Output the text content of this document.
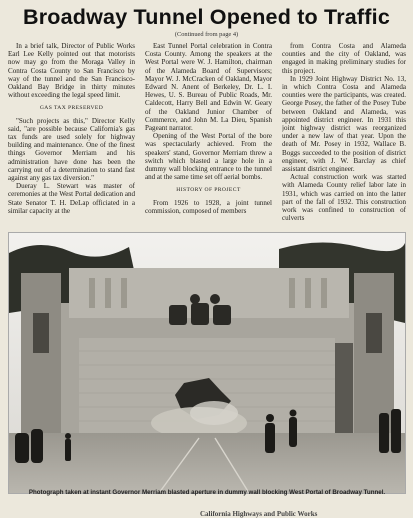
Broadway Tunnel Opened to Traffic
(Continued from page 4)

In a brief talk, Director of Public Works Earl Lee Kelly pointed out that motorists now may go from the Moraga Valley in Contra Costa County to San Francisco by way of the tunnel and the San Francisco-Oakland Bay Bridge in thirty minutes without exceeding the legal speed limit.

GAS TAX PRESERVED

"Such projects as this," Director Kelly said, "are possible because California's gas tax funds are used solely for highway building and maintenance. One of the finest things Governor Merriam and his administration have done has been the carrying out of a determination to stand fast against any gas tax diversion."

Dueray L. Stewart was master of ceremonies at the West Portal dedication and State Senator T. H. DeLap officiated in a similar capacity at the

East Tunnel Portal celebration in Contra Costa County. Among the speakers at the West Portal were W. J. Hamilton, chairman of the Alameda Board of Supervisors; Mayor W. J. McCracken of Oakland, Mayor Edward N. Anent of Berkeley, Dr. L. I. Hewes, U. S. Bureau of Public Roads, Mr. Caldecott, Harry Bell and Edwin W. Geary of the Oakland Junior Chamber of Commerce, and John M. La Dieu, Spanish Pageant narrator.

Opening of the West Portal of the bore was spectacularly achieved. From the speakers' stand, Governor Merriam threw a switch which blasted a large hole in a dummy wall blocking entrance to the tunnel and at the same time set off aerial bombs.

HISTORY OF PROJECT

From 1926 to 1928, a joint tunnel commission, composed of members

from Contra Costa and Alameda counties and the city of Oakland, was engaged in making preliminary studies for this project.

In 1929 Joint Highway District No. 13, in which Contra Costa and Alameda counties were the participants, was created. George Posey, the father of the Posey Tube between Oakland and Alameda, was appointed district engineer. In 1931 this joint highway district was reorganized under a new law of that year. Upon the death of Mr. Posey in 1932, Wallace B. Boggs succeeded to the position of district engineer, with J. W. Barclay as chief assistant district engineer.

Actual construction work was started with Alameda County relief labor late in 1931, which was carried on into the latter part of the fall of 1932. This construction work was confined to construction of culverts

Photograph taken at instant Governor Merriam blasted aperture in dummy wall blocking West Portal of Broadway Tunnel.
California Highways and Public Works
